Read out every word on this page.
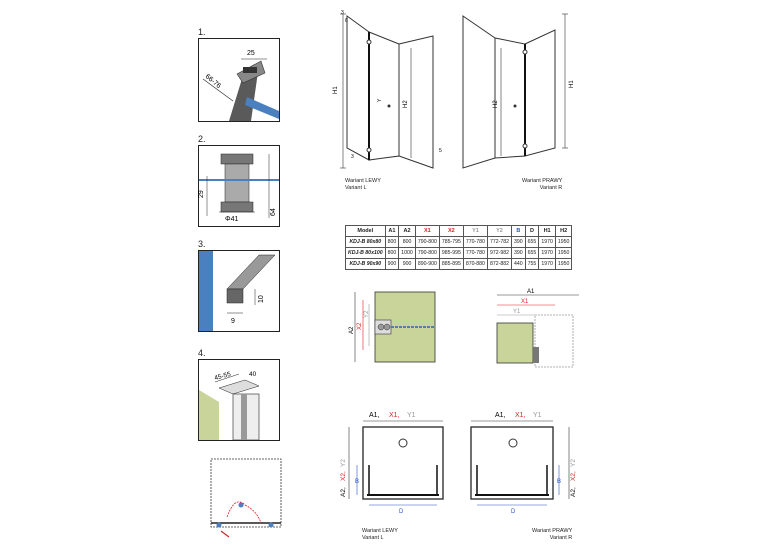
1.
25
66-76
2.
29
Φ41
64
3.
9
10
4.
45-55	40
H1
H2
Y
3
6
3
5
Wariant LEWY
Variant L
H2
H1
Wariant PRAWY
Variant R
Model	A1	A2	X1	X2	Y1	Y2	B	D	H1	H2
KDJ-B 80x80	800	800	790-800	785-795	770-780	772-782	390	655	1970	1950
KDJ-B 80x100	800	1000	790-800	985-995	770-780	972-982	390	655	1970	1950
KDJ-B 90x90	900	900	890-900	885-895	870-880	872-882	440	755	1970	1950
A2
X2
Y2
A1
X1
Y1
A1, X1, Y1
B
D
A2,
X2,
Y2
Wariant LEWY
Variant L
A1, X1, Y1
B
D
A2,
X2,
Y2
Wariant PRAWY
Variant R
